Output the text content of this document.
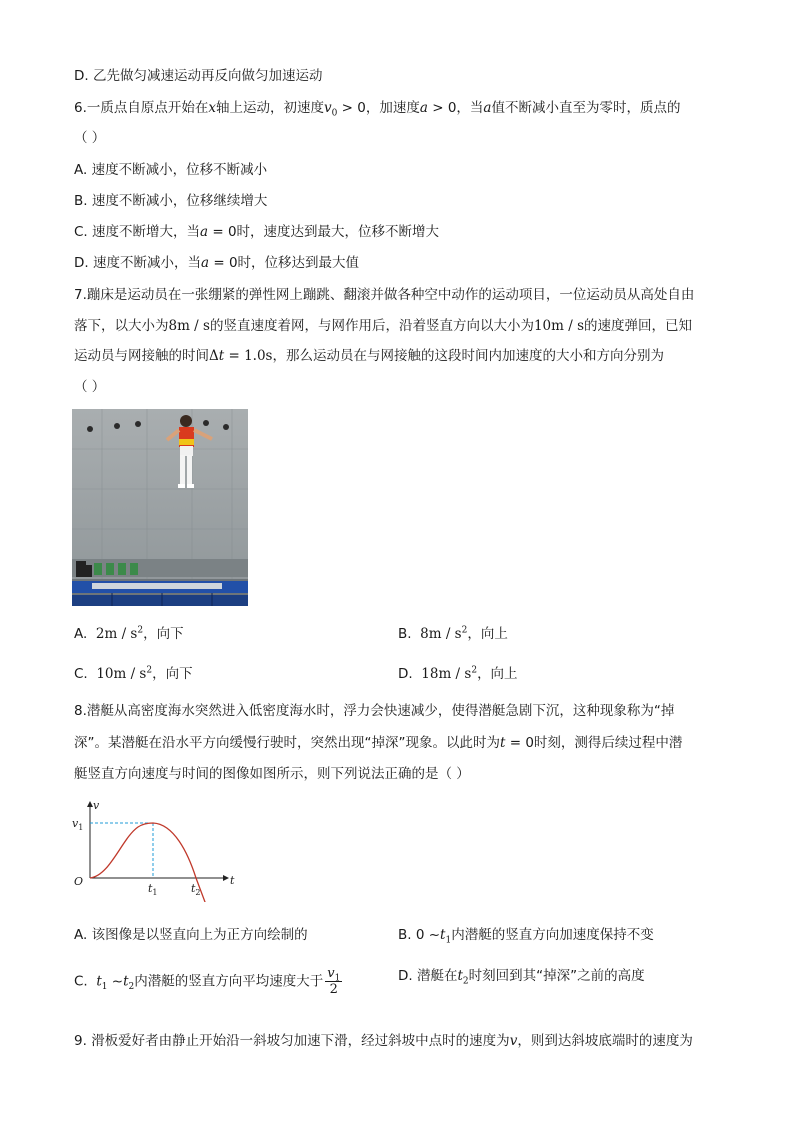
D. 乙先做匀减速运动再反向做匀加速运动
6.一质点自原点开始在x轴上运动，初速度$v_0 > 0$，加速度a > 0，当a值不断减小直至为零时，质点的
（ ）
A. 速度不断减小，位移不断减小
B. 速度不断减小，位移继续增大
C. 速度不断增大，当a = 0时，速度达到最大，位移不断增大
D. 速度不断减小，当a = 0时，位移达到最大值
7.蹦床是运动员在一张绷紧的弹性网上蹦跳、翻滚并做各种空中动作的运动项目，一位运动员从高处自由
落下，以大小为8m / s的竖直速度着网，与网作用后，沿着竖直方向以大小为10m / s的速度弹回，已知
运动员与网接触的时间Δt = 1.0s，那么运动员在与网接触的这段时间内加速度的大小和方向分别为
（ ）
A. $2m / s^2$，向下	B. $8m / s^2$，向上
C. $10m / s^2$，向下	D. $18m / s^2$，向上
8.潜艇从高密度海水突然进入低密度海水时，浮力会快速减少，使得潜艇急剧下沉，这种现象称为“掉
深”。某潜艇在沿水平方向缓慢行驶时，突然出现“掉深”现象。以此时为t = 0时刻，测得后续过程中潜
艇竖直方向速度与时间的图像如图所示，则下列说法正确的是（ ）
v
$v_1$
O
$t_1$	$t_2$
t
A. 该图像是以竖直向上为正方向绘制的	B. 0 $\sim t_1$内潜艇的竖直方向加速度保持不变
C. $t_1$ $\sim t_2$内潜艇的竖直方向平均速度大于 $\frac{v_1}{2}$	D. 潜艇在$t_2$时刻回到其“掉深”之前的高度
9. 滑板爱好者由静止开始沿一斜坡匀加速下滑，经过斜坡中点时的速度为v，则到达斜坡底端时的速度为
